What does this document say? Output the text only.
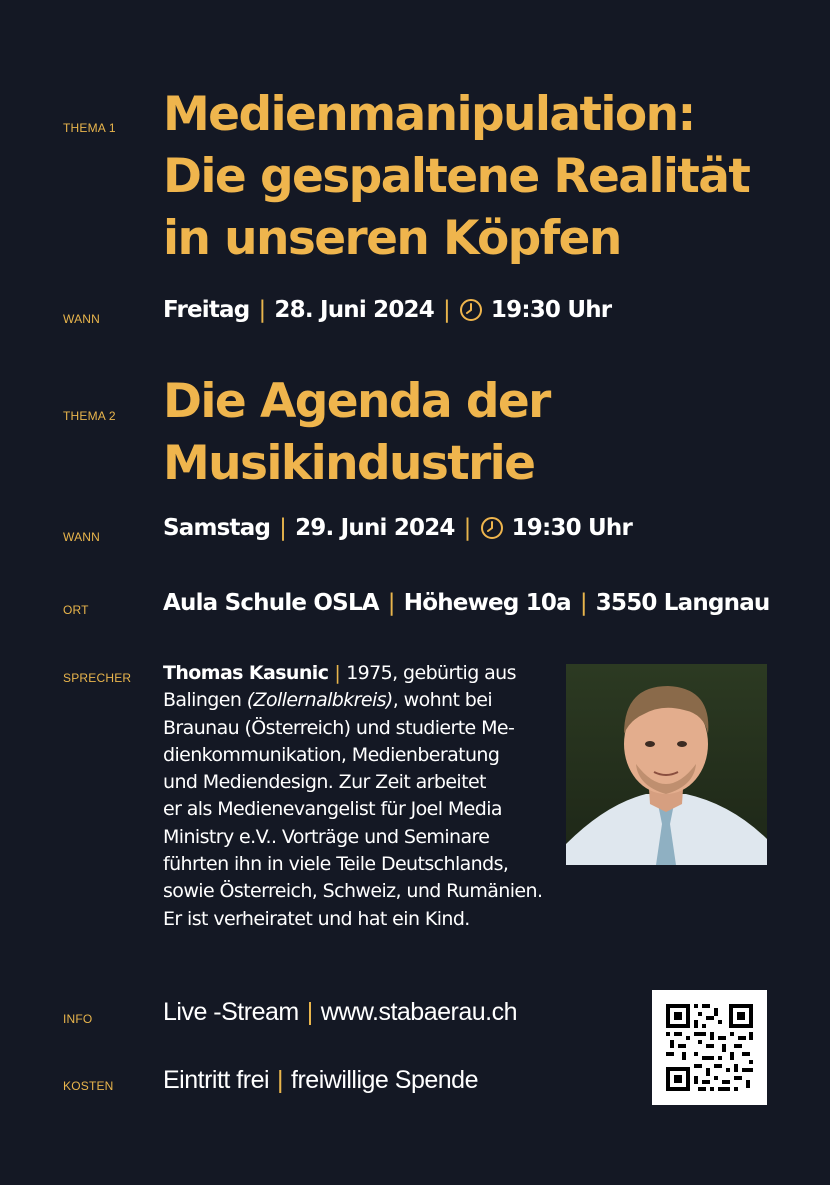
THEMA 1 Medienmanipulation:
Die gespaltene Realität
in unseren Köpfen
WANN	Freitag | 28. Juni 2024 | 19:30 Uhr
THEMA 2 Die Agenda der
Musikindustrie
WANN	Samstag | 29. Juni 2024 | 19:30 Uhr
ORT	Aula Schule OSLA | Höheweg 10a | 3550 Langnau
SPRECHER Thomas Kasunic | 1975, gebürtig aus

Balingen (Zollernalbkreis), wohnt bei

Braunau (Österreich) und studierte Me-

dienkommunikation, Medienberatung

und Mediendesign. Zur Zeit arbeitet

er als Medienevangelist für Joel Media

Ministry e.V.. Vorträge und Seminare

führten ihn in viele Teile Deutschlands,

sowie Österreich, Schweiz, und Rumänien.

Er ist verheiratet und hat ein Kind.

INFO	Live -Stream | www.stabaerau.ch
KOSTEN Eintritt frei | freiwillige Spende
